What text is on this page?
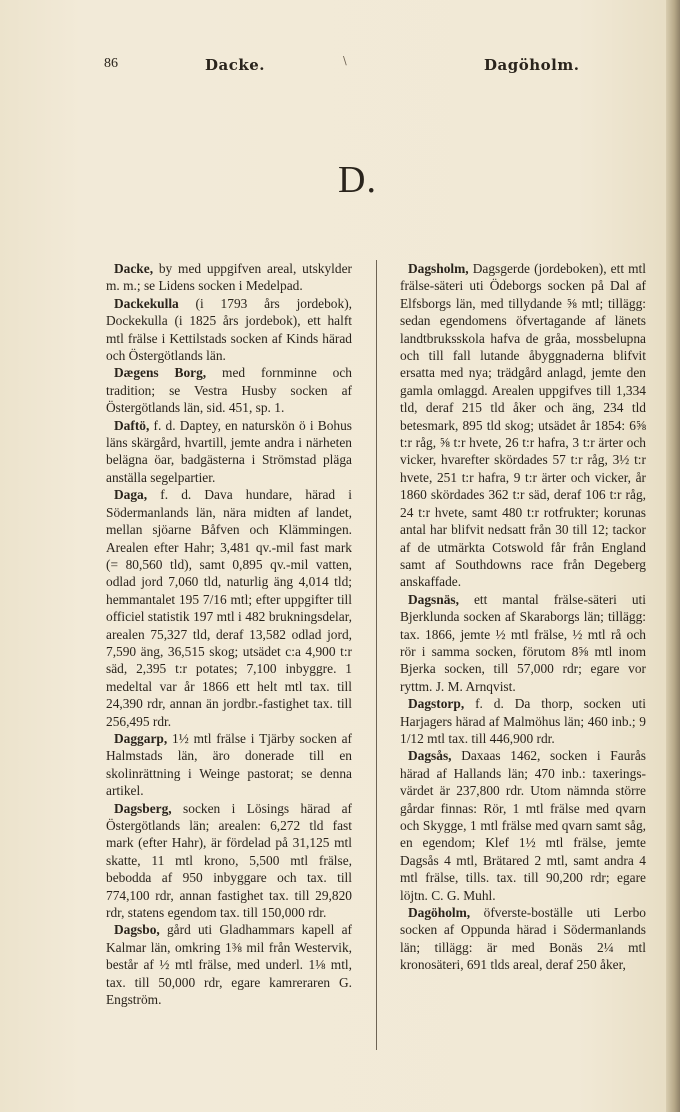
86	Dacke.	\	Dagöholm.
D.

Dacke, by med uppgifven areal, utskylder m. m.; se Lidens socken i Medelpad.

Dackekulla (i 1793 års jordebok), Dockekulla (i 1825 års jordebok), ett halft mtl frälse i Kettilstads socken af Kinds härad och Östergötlands län.

Dægens Borg, med fornminne och tradition; se Vestra Husby socken af Östergötlands län, sid. 451, sp. 1.

Daftö, f. d. Daptey, en naturskön ö i Bohus läns skärgård, hvartill, jemte andra i närheten belägna öar, badgästerna i Strömstad pläga anställa segelpartier.

Daga, f. d. Dava hundare, härad i Södermanlands län, nära midten af landet, mellan sjöarne Båfven och Klämmingen. Arealen efter Hahr; 3,481 qv.-mil fast mark (= 80,560 tld), samt 0,895 qv.-mil vatten, odlad jord 7,060 tld, naturlig äng 4,014 tld; hemmantalet 195 7/16 mtl; efter uppgifter till officiel statistik 197 mtl i 482 brukningsdelar, arealen 75,327 tld, deraf 13,582 odlad jord, 7,590 äng, 36,515 skog; utsädet c:a 4,900 t:r säd, 2,395 t:r potates; 7,100 inbyggre. 1 medeltal var år 1866 ett helt mtl tax. till 24,390 rdr, annan än jordbr.-fastighet tax. till 256,495 rdr.

Daggarp, 1½ mtl frälse i Tjärby socken af Halmstads län, äro donerade till en skolinrättning i Weinge pastorat; se denna artikel.

Dagsberg, socken i Lösings härad af Östergötlands län; arealen: 6,272 tld fast mark (efter Hahr), är fördelad på 31,125 mtl skatte, 11 mtl krono, 5,500 mtl frälse, bebodda af 950 inbyggare och tax. till 774,100 rdr, annan fastighet tax. till 29,820 rdr, statens egendom tax. till 150,000 rdr.

Dagsbo, gård uti Gladhammars kapell af Kalmar län, omkring 1⅜ mil från Westervik, består af ½ mtl frälse, med underl. 1⅛ mtl, tax. till 50,000 rdr, egare kamreraren G. Engström.

Dagsholm, Dagsgerde (jordeboken), ett mtl frälse-säteri uti Ödeborgs socken på Dal af Elfsborgs län, med tillydande ⅝ mtl; tillägg: sedan egendomens öfvertagande af länets landtbruksskola hafva de gråa, mossbelupna och till fall lutande åbyggnaderna blifvit ersatta med nya; trädgård anlagd, jemte den gamla omlaggd. Arealen uppgifves till 1,334 tld, deraf 215 tld åker och äng, 234 tld betesmark, 895 tld skog; utsädet år 1854: 6⅝ t:r råg, ⅝ t:r hvete, 26 t:r hafra, 3 t:r ärter och vicker, hvarefter skördades 57 t:r råg, 3½ t:r hvete, 251 t:r hafra, 9 t:r ärter och vicker, år 1860 skördades 362 t:r säd, deraf 106 t:r råg, 24 t:r hvete, samt 480 t:r rotfrukter; korunas antal har blifvit nedsatt från 30 till 12; tackor af de utmärkta Cotswold får från England samt af Southdowns race från Degeberg anskaffade.

Dagsnäs, ett mantal frälse-säteri uti Bjerklunda socken af Skaraborgs län; tillägg: tax. 1866, jemte ½ mtl frälse, ½ mtl rå och rör i samma socken, förutom 8⅝ mtl inom Bjerka socken, till 57,000 rdr; egare vor ryttm. J. M. Arnqvist.

Dagstorp, f. d. Da thorp, socken uti Harjagers härad af Malmöhus län; 460 inb.; 9 1/12 mtl tax. till 446,900 rdr.

Dagsås, Daxaas 1462, socken i Faurås härad af Hallands län; 470 inb.: taxerings-värdet är 237,800 rdr. Utom nämnda större gårdar finnas: Rör, 1 mtl frälse med qvarn och Skygge, 1 mtl frälse med qvarn samt såg, en egendom; Klef 1½ mtl frälse, jemte Dagsås 4 mtl, Brätared 2 mtl, samt andra 4 mtl frälse, tills. tax. till 90,200 rdr; egare löjtn. C. G. Muhl.

Dagöholm, öfverste-boställe uti Lerbo socken af Oppunda härad i Södermanlands län; tillägg: är med Bonäs 2¼ mtl kronosäteri, 691 tlds areal, deraf 250 åker,
